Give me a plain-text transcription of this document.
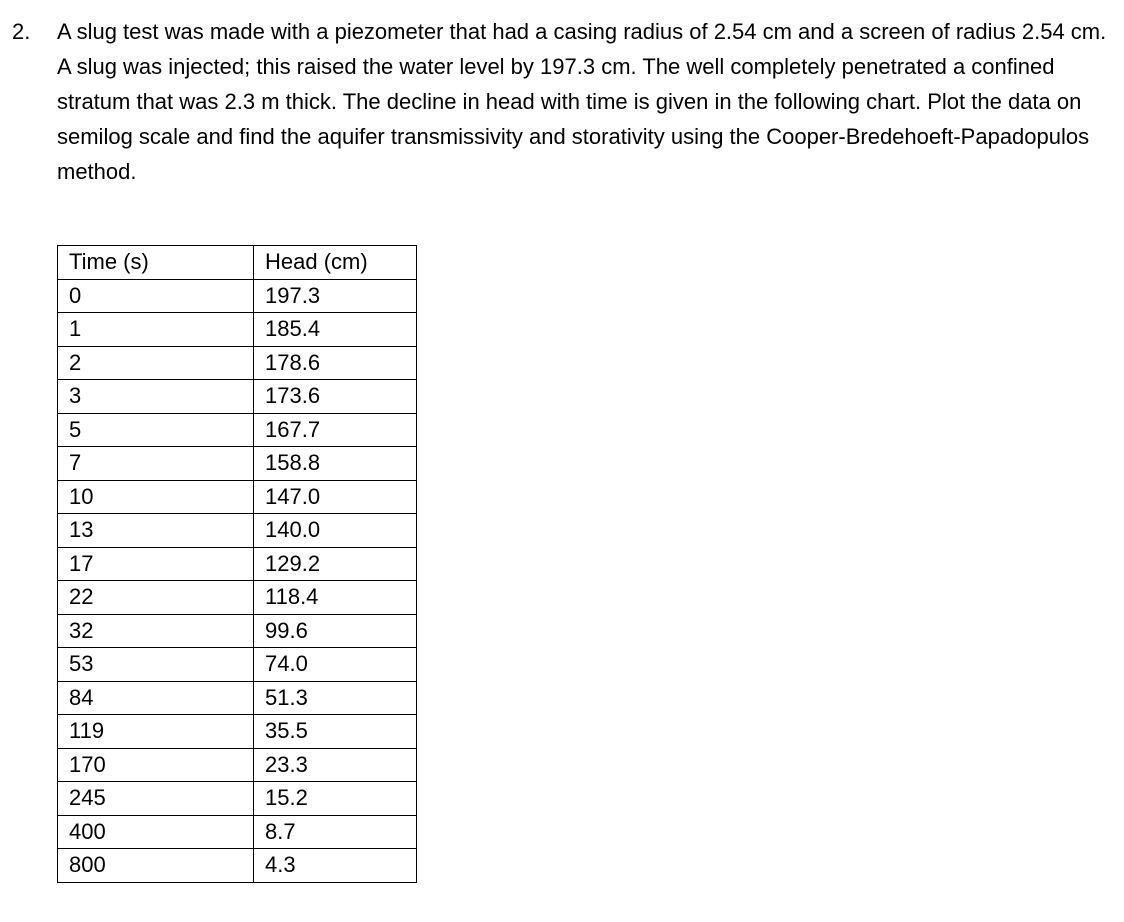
2. A slug test was made with a piezometer that had a casing radius of 2.54 cm and a screen of radius 2.54 cm. A slug was injected; this raised the water level by 197.3 cm. The well completely penetrated a confined stratum that was 2.3 m thick. The decline in head with time is given in the following chart. Plot the data on semilog scale and find the aquifer transmissivity and storativity using the Cooper-Bredehoeft-Papadopulos method.
Time (s)	Head (cm)
0	197.3
1	185.4
2	178.6
3	173.6
5	167.7
7	158.8
10	147.0
13	140.0
17	129.2
22	118.4
32	99.6
53	74.0
84	51.3
119	35.5
170	23.3
245	15.2
400	8.7
800	4.3
